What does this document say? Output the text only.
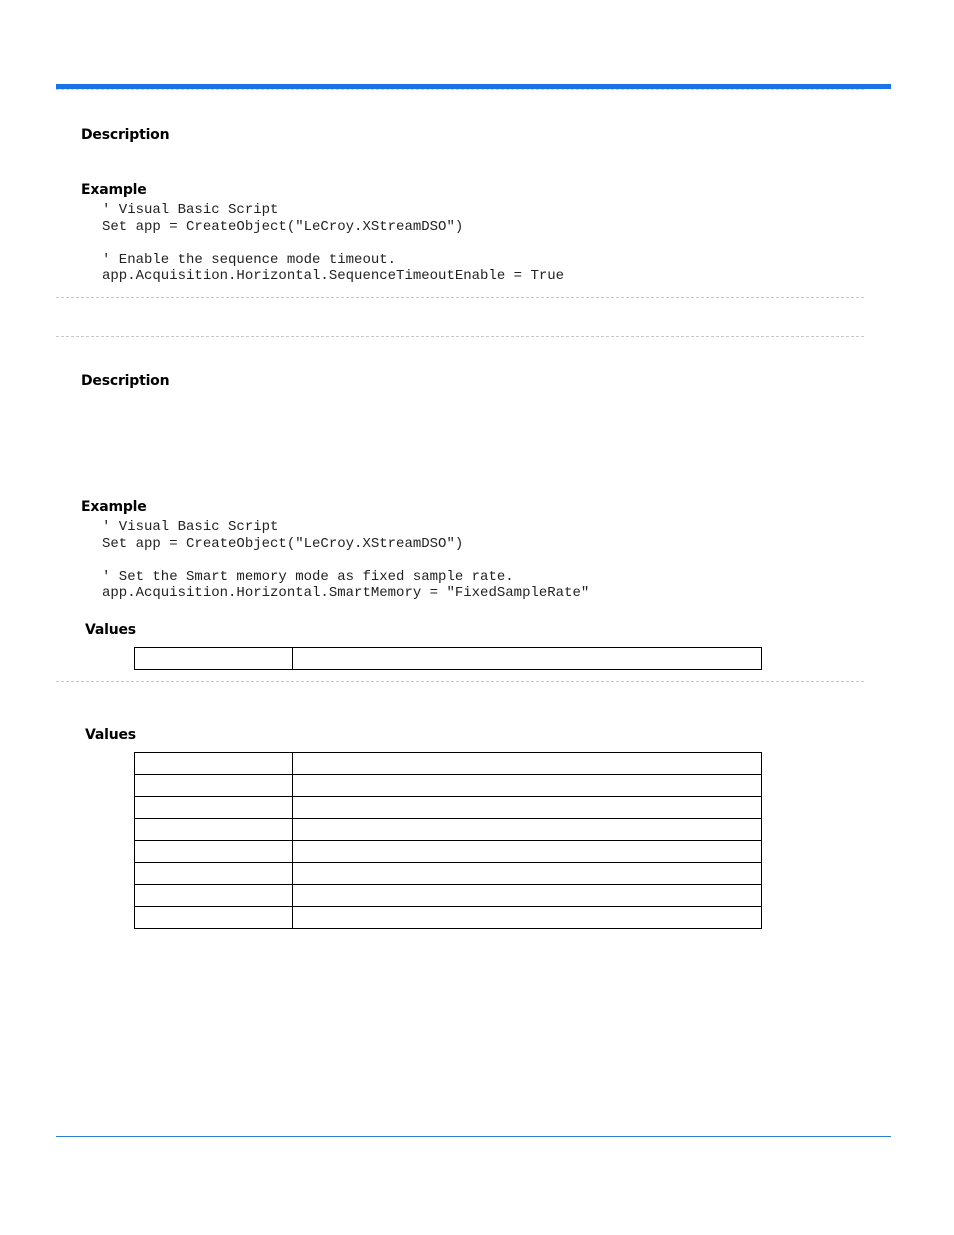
Description
Example
' Visual Basic Script
Set app = CreateObject("LeCroy.XStreamDSO")

' Enable the sequence mode timeout.
app.Acquisition.Horizontal.SequenceTimeoutEnable = True
Description
Example
' Visual Basic Script
Set app = CreateObject("LeCroy.XStreamDSO")

' Set the Smart memory mode as fixed sample rate.
app.Acquisition.Horizontal.SmartMemory = "FixedSampleRate"
Values

Values
